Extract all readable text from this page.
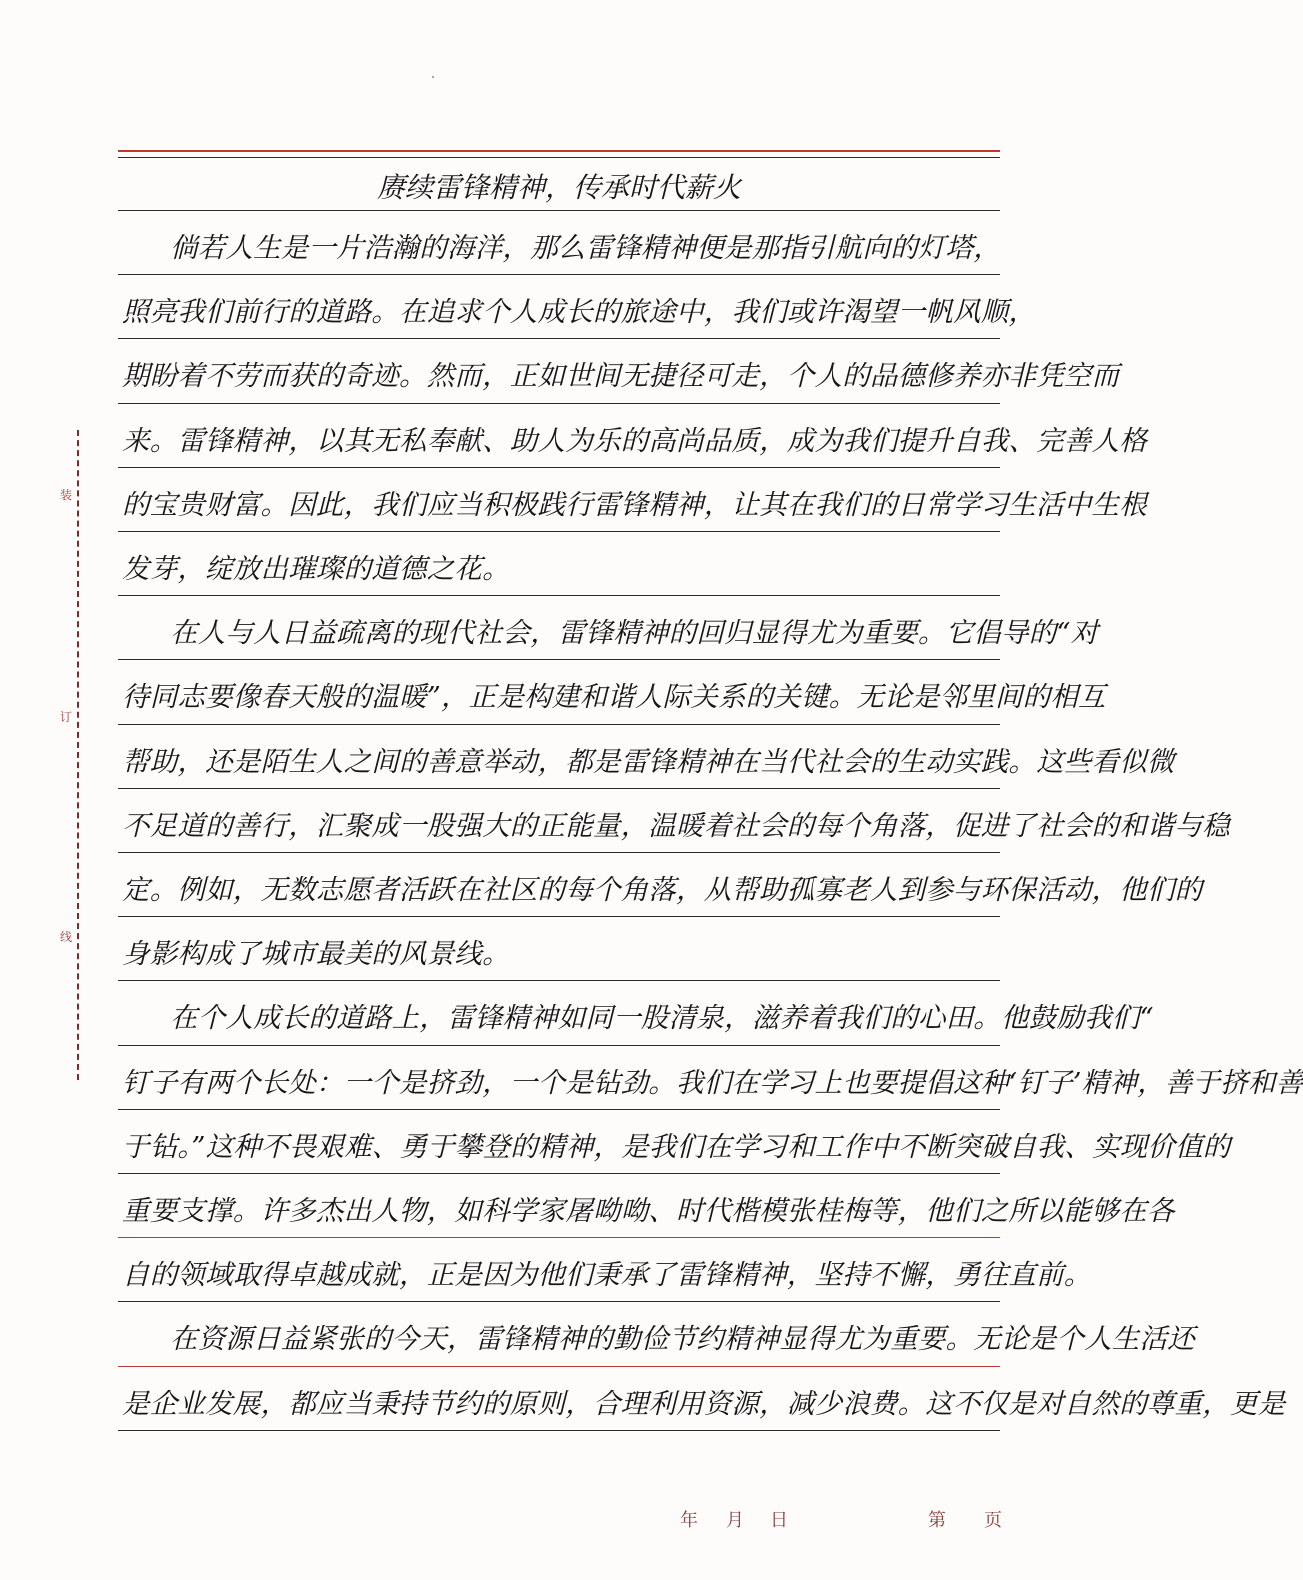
赓续雷锋精神，传承时代薪火
倘若人生是一片浩瀚的海洋，那么雷锋精神便是那指引航向的灯塔，
照亮我们前行的道路。在追求个人成长的旅途中，我们或许渴望一帆风顺，
期盼着不劳而获的奇迹。然而，正如世间无捷径可走，个人的品德修养亦非凭空而
来。雷锋精神，以其无私奉献、助人为乐的高尚品质，成为我们提升自我、完善人格
的宝贵财富。因此，我们应当积极践行雷锋精神，让其在我们的日常学习生活中生根
发芽，绽放出璀璨的道德之花。
在人与人日益疏离的现代社会，雷锋精神的回归显得尤为重要。它倡导的“对
待同志要像春天般的温暖”，正是构建和谐人际关系的关键。无论是邻里间的相互
帮助，还是陌生人之间的善意举动，都是雷锋精神在当代社会的生动实践。这些看似微
不足道的善行，汇聚成一股强大的正能量，温暖着社会的每个角落，促进了社会的和谐与稳
定。例如，无数志愿者活跃在社区的每个角落，从帮助孤寡老人到参与环保活动，他们的
身影构成了城市最美的风景线。
在个人成长的道路上，雷锋精神如同一股清泉，滋养着我们的心田。他鼓励我们“
钉子有两个长处：一个是挤劲，一个是钻劲。我们在学习上也要提倡这种‘钉子’精神，善于挤和善
于钻。”这种不畏艰难、勇于攀登的精神，是我们在学习和工作中不断突破自我、实现价值的
重要支撑。许多杰出人物，如科学家屠呦呦、时代楷模张桂梅等，他们之所以能够在各
自的领域取得卓越成就，正是因为他们秉承了雷锋精神，坚持不懈，勇往直前。
在资源日益紧张的今天，雷锋精神的勤俭节约精神显得尤为重要。无论是个人生活还
是企业发展，都应当秉持节约的原则，合理利用资源，减少浪费。这不仅是对自然的尊重，更是
装
订
线
年 月 日	第 页
